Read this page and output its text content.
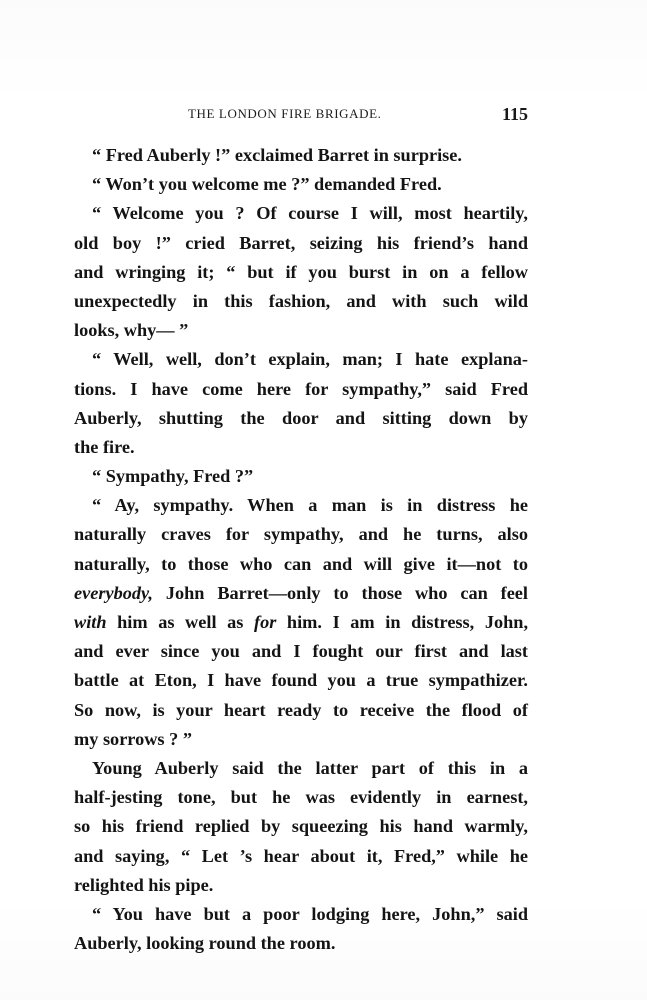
THE LONDON FIRE BRIGADE.	115
“ Fred Auberly !” exclaimed Barret in surprise.
“ Won’t you welcome me ?” demanded Fred.
“ Welcome you ? Of course I will, most heartily,
old boy !” cried Barret, seizing his friend’s hand
and wringing it; “ but if you burst in on a fellow
unexpectedly in this fashion, and with such wild
looks, why— ”
“ Well, well, don’t explain, man; I hate explana-
tions. I have come here for sympathy,” said Fred
Auberly, shutting the door and sitting down by
the fire.
“ Sympathy, Fred ?”
“ Ay, sympathy. When a man is in distress he
naturally craves for sympathy, and he turns, also
naturally, to those who can and will give it—not to
everybody, John Barret—only to those who can feel
with him as well as for him. I am in distress, John,
and ever since you and I fought our first and last
battle at Eton, I have found you a true sympathizer.
So now, is your heart ready to receive the flood of
my sorrows ? ”
Young Auberly said the latter part of this in a
half-jesting tone, but he was evidently in earnest,
so his friend replied by squeezing his hand warmly,
and saying, “ Let ’s hear about it, Fred,” while he
relighted his pipe.
“ You have but a poor lodging here, John,” said
Auberly, looking round the room.
